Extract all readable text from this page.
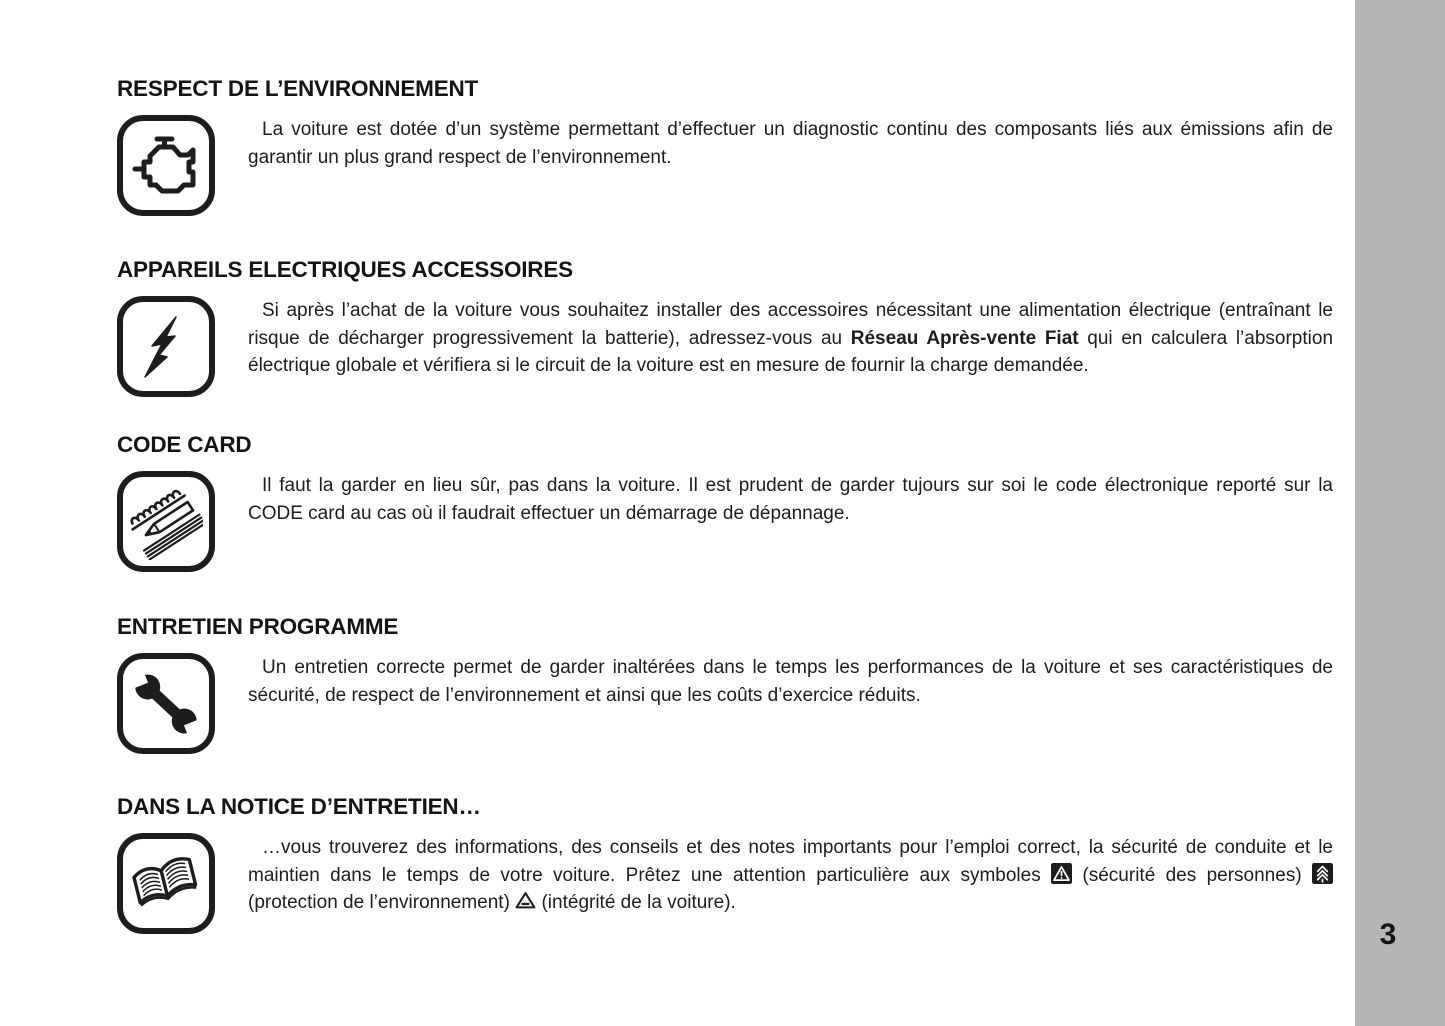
3
RESPECT DE L’ENVIRONNEMENT

La voiture est dotée d’un système permettant d’effectuer un diagnostic continu des composants liés aux émissions afin de garantir un plus grand respect de l’environnement.

APPAREILS ELECTRIQUES ACCESSOIRES

Si après l’achat de la voiture vous souhaitez installer des accessoires nécessitant une alimentation électrique (entraînant le risque de décharger progressivement la batterie), adressez-vous au Réseau Après-vente Fiat qui en calculera l’absorption électrique globale et vérifiera si le circuit de la voiture est en mesure de fournir la charge demandée.

CODE CARD

Il faut la garder en lieu sûr, pas dans la voiture. Il est prudent de garder tujours sur soi le code électronique reporté sur la CODE card au cas où il faudrait effectuer un démarrage de dépannage.

ENTRETIEN PROGRAMME

Un entretien correcte permet de garder inaltérées dans le temps les performances de la voiture et ses caractéristiques de sécurité, de respect de l’environnement et ainsi que les coûts d’exercice réduits.

DANS LA NOTICE D’ENTRETIEN…

…vous trouverez des informations, des conseils et des notes importants pour l’emploi correct, la sécurité de conduite et le maintien dans le temps de votre voiture. Prêtez une attention particulière aux symboles
(sécurité des personnes)
(protection de l’environnement)
(intégrité de la voiture).
